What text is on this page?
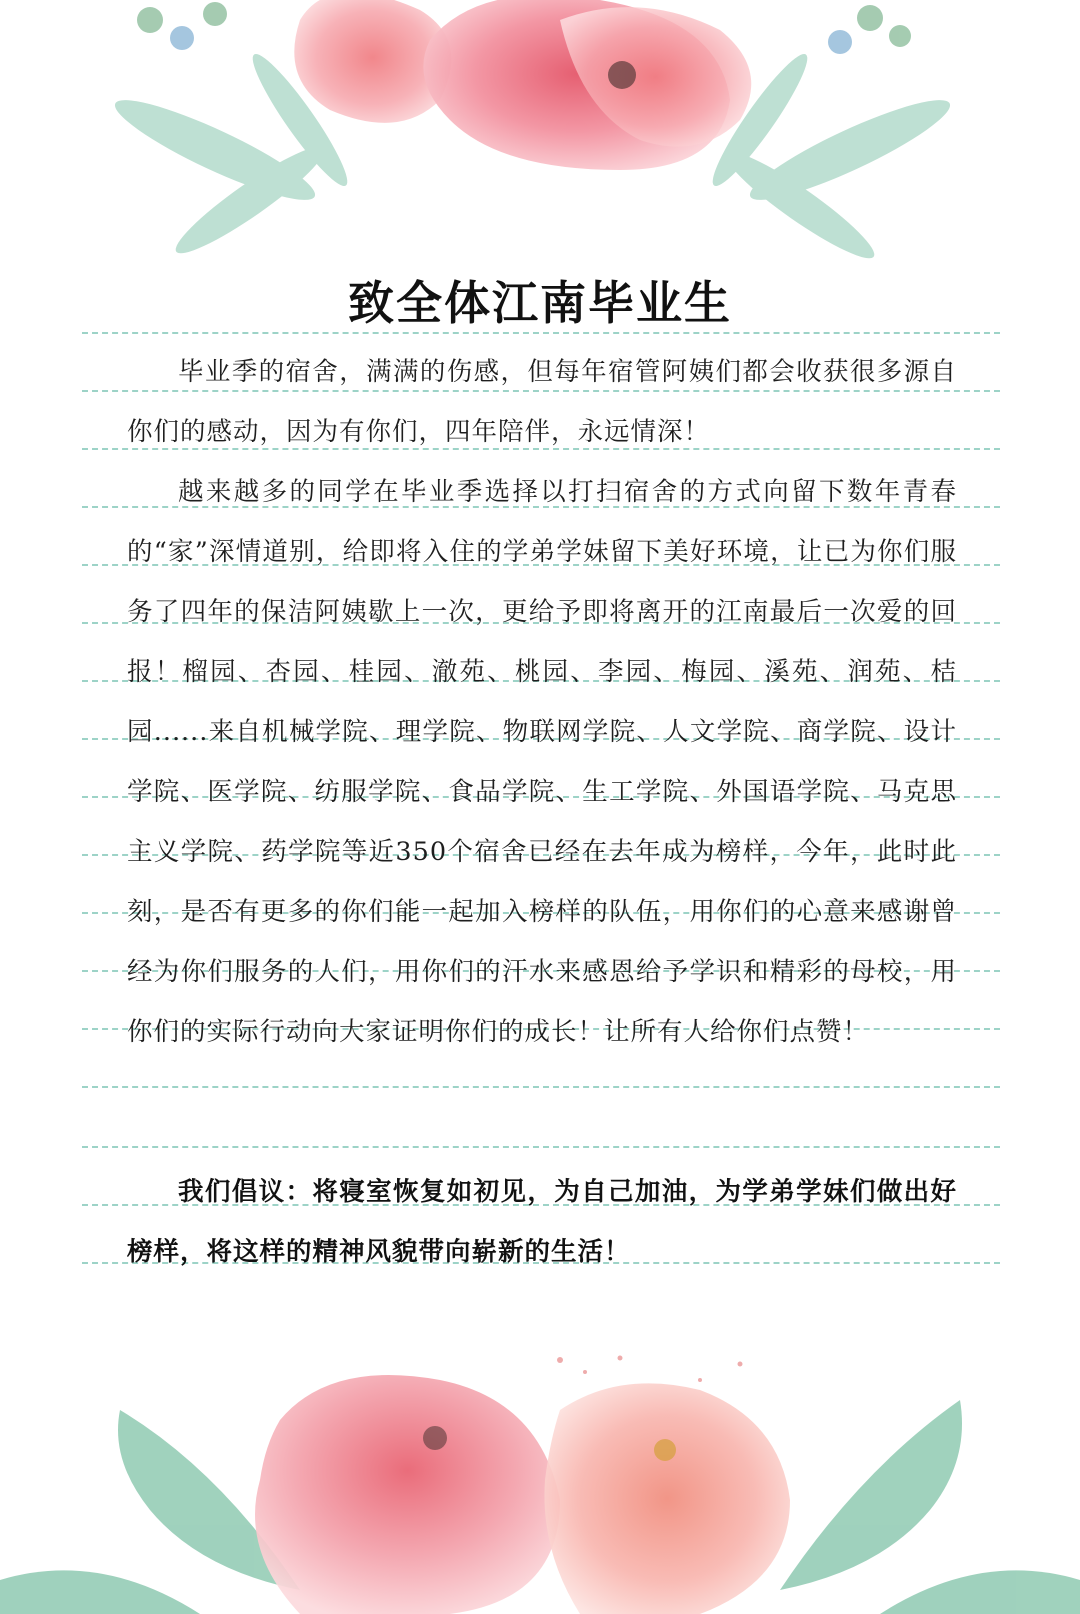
致全体江南毕业生

毕业季的宿舍，满满的伤感，但每年宿管阿姨们都会收获很多源自你们的感动，因为有你们，四年陪伴，永远情深！

越来越多的同学在毕业季选择以打扫宿舍的方式向留下数年青春的“家”深情道别，给即将入住的学弟学妹留下美好环境，让已为你们服务了四年的保洁阿姨歇上一次，更给予即将离开的江南最后一次爱的回报！榴园、杏园、桂园、澈苑、桃园、李园、梅园、溪苑、润苑、桔园......来自机械学院、理学院、物联网学院、人文学院、商学院、设计学院、医学院、纺服学院、食品学院、生工学院、外国语学院、马克思主义学院、药学院等近350个宿舍已经在去年成为榜样，今年，此时此刻，是否有更多的你们能一起加入榜样的队伍，用你们的心意来感谢曾经为你们服务的人们，用你们的汗水来感恩给予学识和精彩的母校，用你们的实际行动向大家证明你们的成长！让所有人给你们点赞！

我们倡议：将寝室恢复如初见，为自己加油，为学弟学妹们做出好榜样，将这样的精神风貌带向崭新的生活！
